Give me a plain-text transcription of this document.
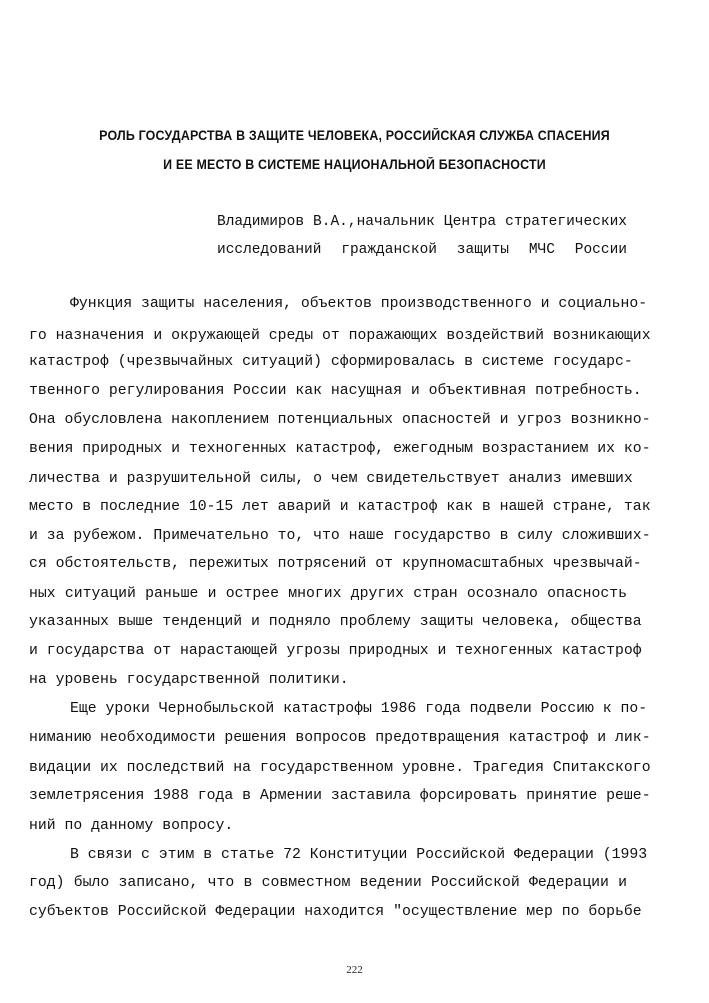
РОЛЬ ГОСУДАРСТВА В ЗАЩИТЕ ЧЕЛОВЕКА, РОССИЙСКАЯ СЛУЖБА СПАСЕНИЯ
И ЕЕ МЕСТО В СИСТЕМЕ НАЦИОНАЛЬНОЙ БЕЗОПАСНОСТИ
Владимиров В.А.,начальник Центра стратегических
исследований гражданской защиты МЧС России
Функция защиты населения, объектов производственного и социально-
го назначения и окружающей среды от поражающих воздействий возникающих
катастроф (чрезвычайных ситуаций) сформировалась в системе государс-
твенного регулирования России как насущная и объективная потребность.
Она обусловлена накоплением потенциальных опасностей и угроз возникно-
вения природных и техногенных катастроф, ежегодным возрастанием их ко-
личества и разрушительной силы, о чем свидетельствует анализ имевших
место в последние 10-15 лет аварий и катастроф как в нашей стране, так
и за рубежом. Примечательно то, что наше государство в силу сложивших-
ся обстоятельств, пережитых потрясений от крупномасштабных чрезвычай-
ных ситуаций раньше и острее многих других стран осознало опасность
указанных выше тенденций и подняло проблему защиты человека, общества
и государства от нарастающей угрозы природных и техногенных катастроф
на уровень государственной политики.
Еще уроки Чернобыльской катастрофы 1986 года подвели Россию к по-
ниманию необходимости решения вопросов предотвращения катастроф и лик-
видации их последствий на государственном уровне. Трагедия Спитакского
землетрясения 1988 года в Армении заставила форсировать принятие реше-
ний по данному вопросу.
В связи с этим в статье 72 Конституции Российской Федерации (1993
год) было записано, что в совместном ведении Российской Федерации и
субъектов Российской Федерации находится "осуществление мер по борьбе
222
